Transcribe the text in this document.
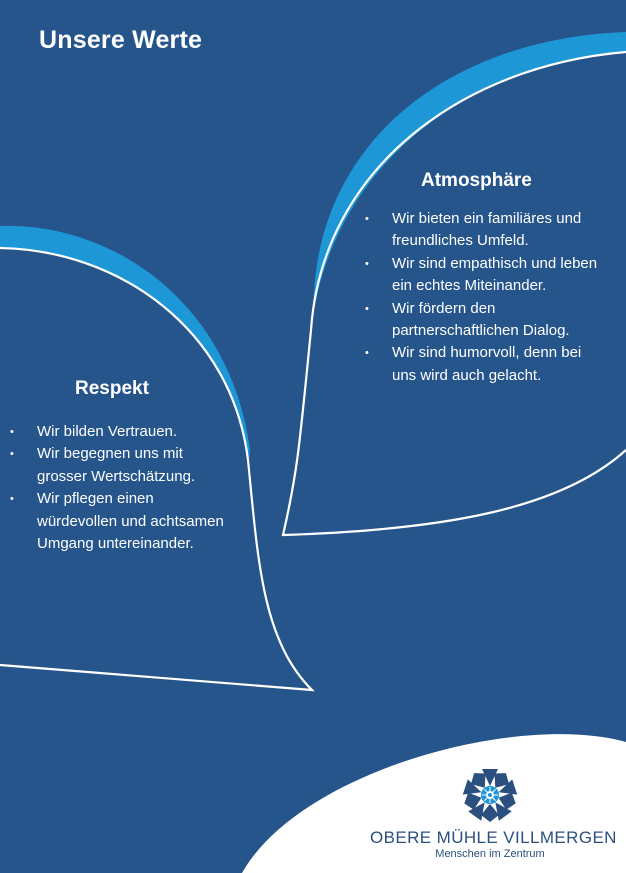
Unsere Werte
Respekt
• Wir bilden Vertrauen.
• Wir begegnen uns mit grosser Wertschätzung.
• Wir pflegen einen würdevollen und achtsamen Umgang untereinander.
Atmosphäre
• Wir bieten ein familiäres und freundliches Umfeld.
• Wir sind empathisch und leben ein echtes Miteinander.
• Wir fördern den partnerschaftlichen Dialog.
• Wir sind humorvoll, denn bei uns wird auch gelacht.
OBERE MÜHLE VILLMERGEN
Menschen im Zentrum
